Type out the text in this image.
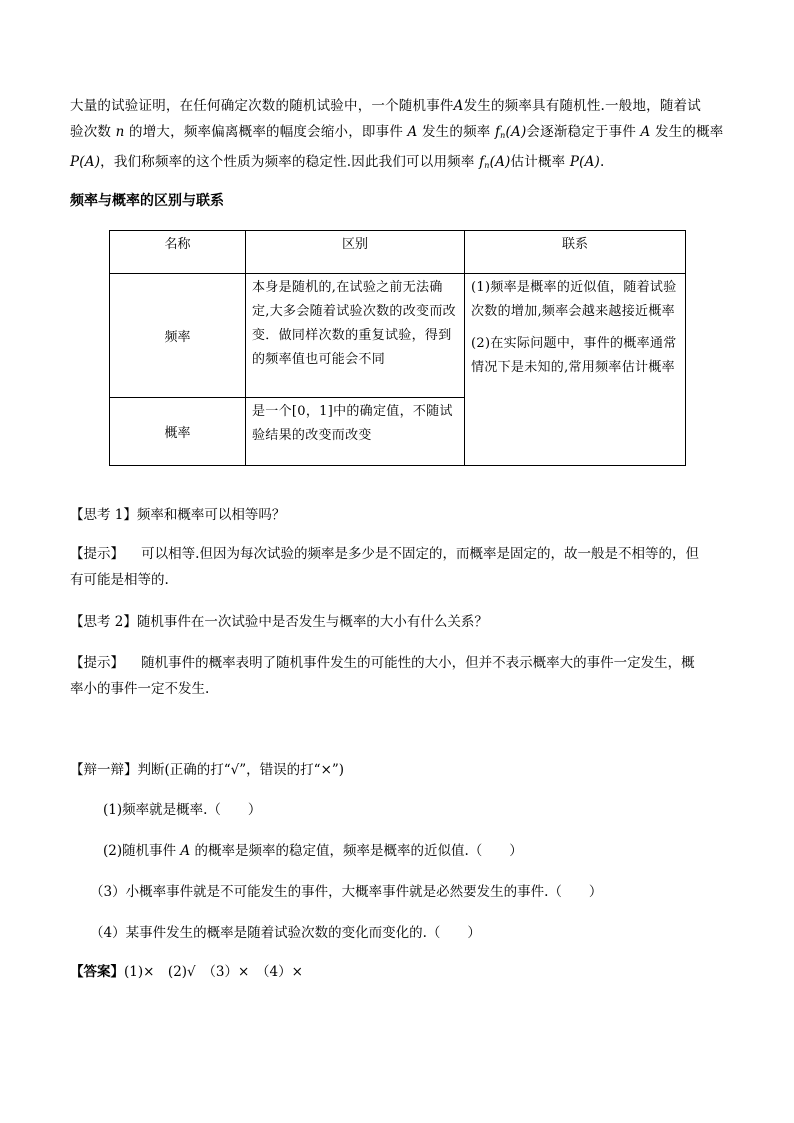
大量的试验证明，在任何确定次数的随机试验中，一个随机事件A发生的频率具有随机性.一般地，随着试
验次数 n 的增大，频率偏离概率的幅度会缩小，即事件 A 发生的频率 $f_n(A)$会逐渐稳定于事件 A 发生的概率
P(A)，我们称频率的这个性质为频率的稳定性.因此我们可以用频率 $f_n(A)$估计概率 P(A).
频率与概率的区别与联系
名称	区别	联系
频率	本身是随机的,在试验之前无法确定,大多会随着试验次数的改变而改变．做同样次数的重复试验，得到的频率值也可能会不同	(1)频率是概率的近似值，随着试验次数的增加,频率会越来越接近概率
(2)在实际问题中，事件的概率通常情况下是未知的,常用频率估计概率

概率	是一个[0，1]中的确定值，不随试验结果的改变而改变	
【思考 1】频率和概率可以相等吗？
【提示】 可以相等.但因为每次试验的频率是多少是不固定的，而概率是固定的，故一般是不相等的，但
有可能是相等的.
【思考 2】随机事件在一次试验中是否发生与概率的大小有什么关系？
【提示】 随机事件的概率表明了随机事件发生的可能性的大小，但并不表示概率大的事件一定发生，概
率小的事件一定不发生.
【辩一辩】判断(正确的打“√”，错误的打“×”)
(1)频率就是概率.（　　）
(2)随机事件 A 的概率是频率的稳定值，频率是概率的近似值.（　　）
（3）小概率事件就是不可能发生的事件，大概率事件就是必然要发生的事件.（　　）
（4）某事件发生的概率是随着试验次数的变化而变化的.（　　）
【答案】(1)×　(2)√　（3）×　（4）×
